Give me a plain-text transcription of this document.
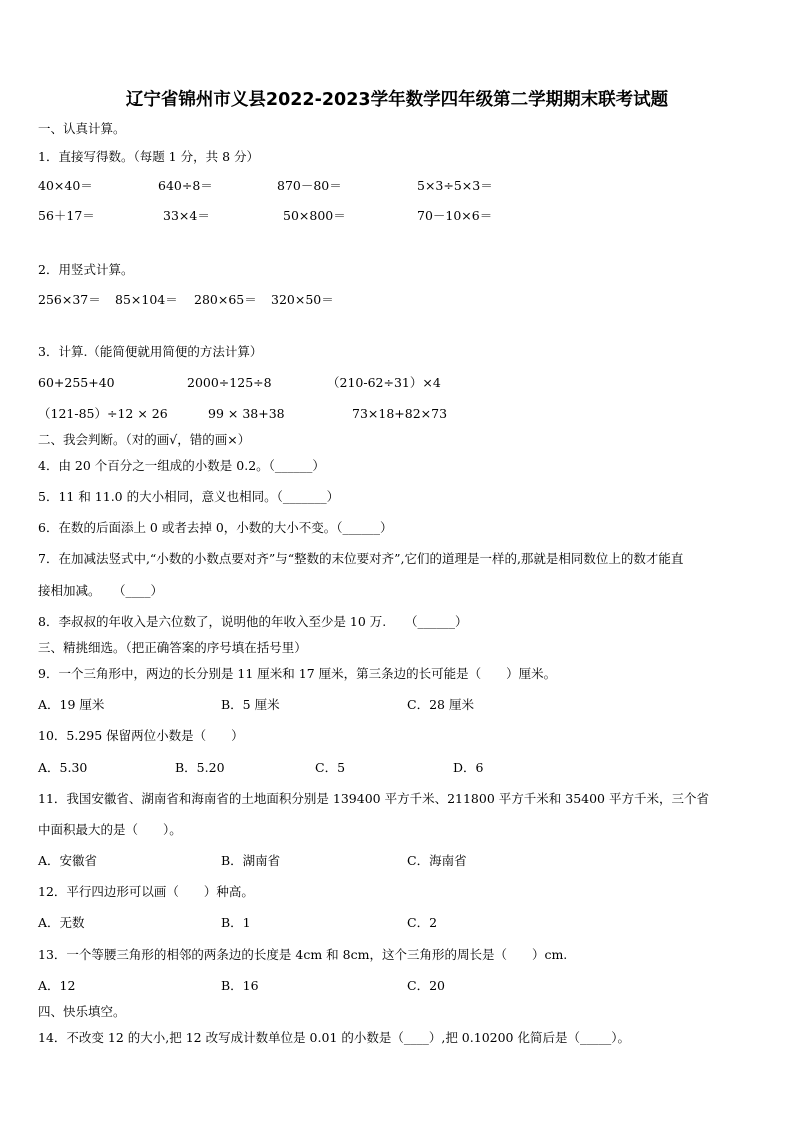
辽宁省锦州市义县2022-2023学年数学四年级第二学期期末联考试题
一、认真计算。
1．直接写得数。（每题 1 分，共 8 分）
40×40＝	640÷8＝	870－80＝	5×3÷5×3＝
56＋17＝	33×4＝	50×800＝	70－10×6＝
2．用竖式计算。
256×37＝ 85×104＝ 280×65＝ 320×50＝
3．计算.（能简便就用简便的方法计算）
60+255+40	2000÷125÷8	（210-62÷31）×4
（121-85）÷12 × 26	99 × 38+38	73×18+82×73
二、我会判断。（对的画√，错的画×）
4．由 20 个百分之一组成的小数是 0.2。（______）
5．11 和 11.0 的大小相同，意义也相同。（_______）
6．在数的后面添上 0 或者去掉 0，小数的大小不变。（______）
7．在加减法竖式中,“小数的小数点要对齐”与“整数的末位要对齐”,它们的道理是一样的,那就是相同数位上的数才能直
接相加减。　　（____）
8．李叔叔的年收入是六位数了，说明他的年收入至少是 10 万.　　（______）
三、精挑细选。（把正确答案的序号填在括号里）
9．一个三角形中，两边的长分别是 11 厘米和 17 厘米，第三条边的长可能是（　　）厘米。
A．19 厘米	B．5 厘米	C．28 厘米
10．5.295 保留两位小数是（　　）
A．5.30	B．5.20	C．5	D．6
11．我国安徽省、湖南省和海南省的土地面积分别是 139400 平方千米、211800 平方千米和 35400 平方千米，三个省
中面积最大的是（　　）。
A．安徽省	B．湖南省	C．海南省
12．平行四边形可以画（　　）种高。
A．无数	B．1	C．2
13．一个等腰三角形的相邻的两条边的长度是 4cm 和 8cm，这个三角形的周长是（　　）cm.
A．12	B．16	C．20
四、快乐填空。
14．不改变 12 的大小,把 12 改写成计数单位是 0.01 的小数是（____）,把 0.10200 化简后是（_____）。
